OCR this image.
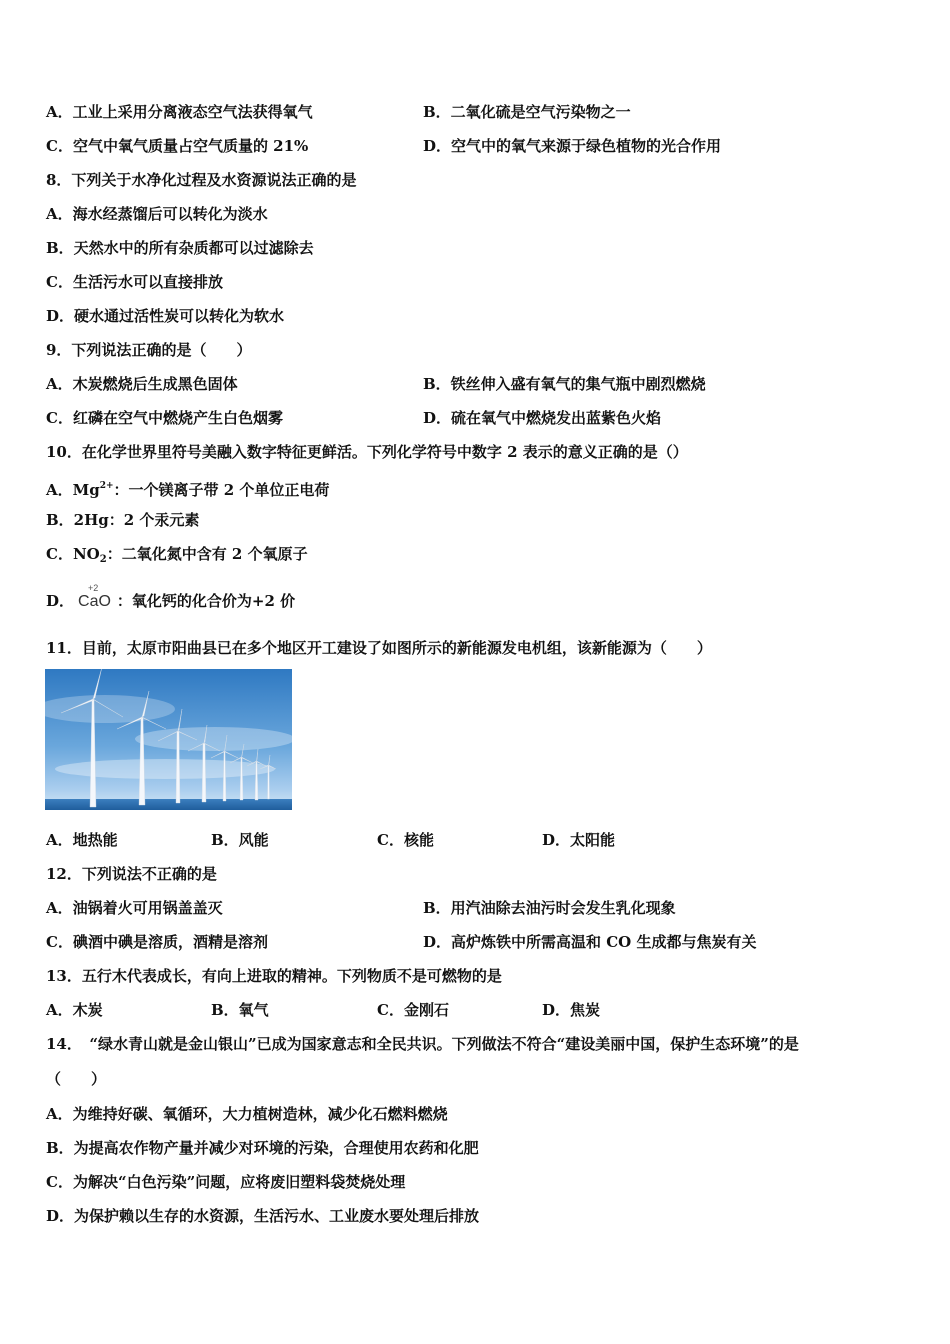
A．工业上采用分离液态空气法获得氧气	B．二氧化硫是空气污染物之一
C．空气中氧气质量占空气质量的 21%	D．空气中的氧气来源于绿色植物的光合作用
8．下列关于水净化过程及水资源说法正确的是
A．海水经蒸馏后可以转化为淡水
B．天然水中的所有杂质都可以过滤除去
C．生活污水可以直接排放
D．硬水通过活性炭可以转化为软水
9．下列说法正确的是（　　）
A．木炭燃烧后生成黑色固体	B．铁丝伸入盛有氧气的集气瓶中剧烈燃烧
C．红磷在空气中燃烧产生白色烟雾	D．硫在氧气中燃烧发出蓝紫色火焰
10．在化学世界里符号美融入数字特征更鲜活。下列化学符号中数字 2 表示的意义正确的是（）
A．$Mg^{2+}$：一个镁离子带 2 个单位正电荷
B．2Hg：2 个汞元素
C．$NO_2$：二氧化氮中含有 2 个氧原子
D．
+2
CaO ：氧化钙的化合价为+2 价
11．目前，太原市阳曲县已在多个地区开工建设了如图所示的新能源发电机组，该新能源为（　　）
A．地热能	B．风能	C．核能	D．太阳能
12．下列说法不正确的是
A．油锅着火可用锅盖盖灭	B．用汽油除去油污时会发生乳化现象
C．碘酒中碘是溶质，酒精是溶剂	D．高炉炼铁中所需高温和 CO 生成都与焦炭有关
13．五行木代表成长，有向上进取的精神。下列物质不是可燃物的是
A．木炭	B．氧气	C．金刚石	D．焦炭
14．　“绿水青山就是金山银山”已成为国家意志和全民共识。下列做法不符合“建设美丽中国，保护生态环境”的是
（　　）
A．为维持好碳、氧循环，大力植树造林，减少化石燃料燃烧
B．为提高农作物产量并减少对环境的污染，合理使用农药和化肥
C．为解决“白色污染”问题，应将废旧塑料袋焚烧处理
D．为保护赖以生存的水资源，生活污水、工业废水要处理后排放
